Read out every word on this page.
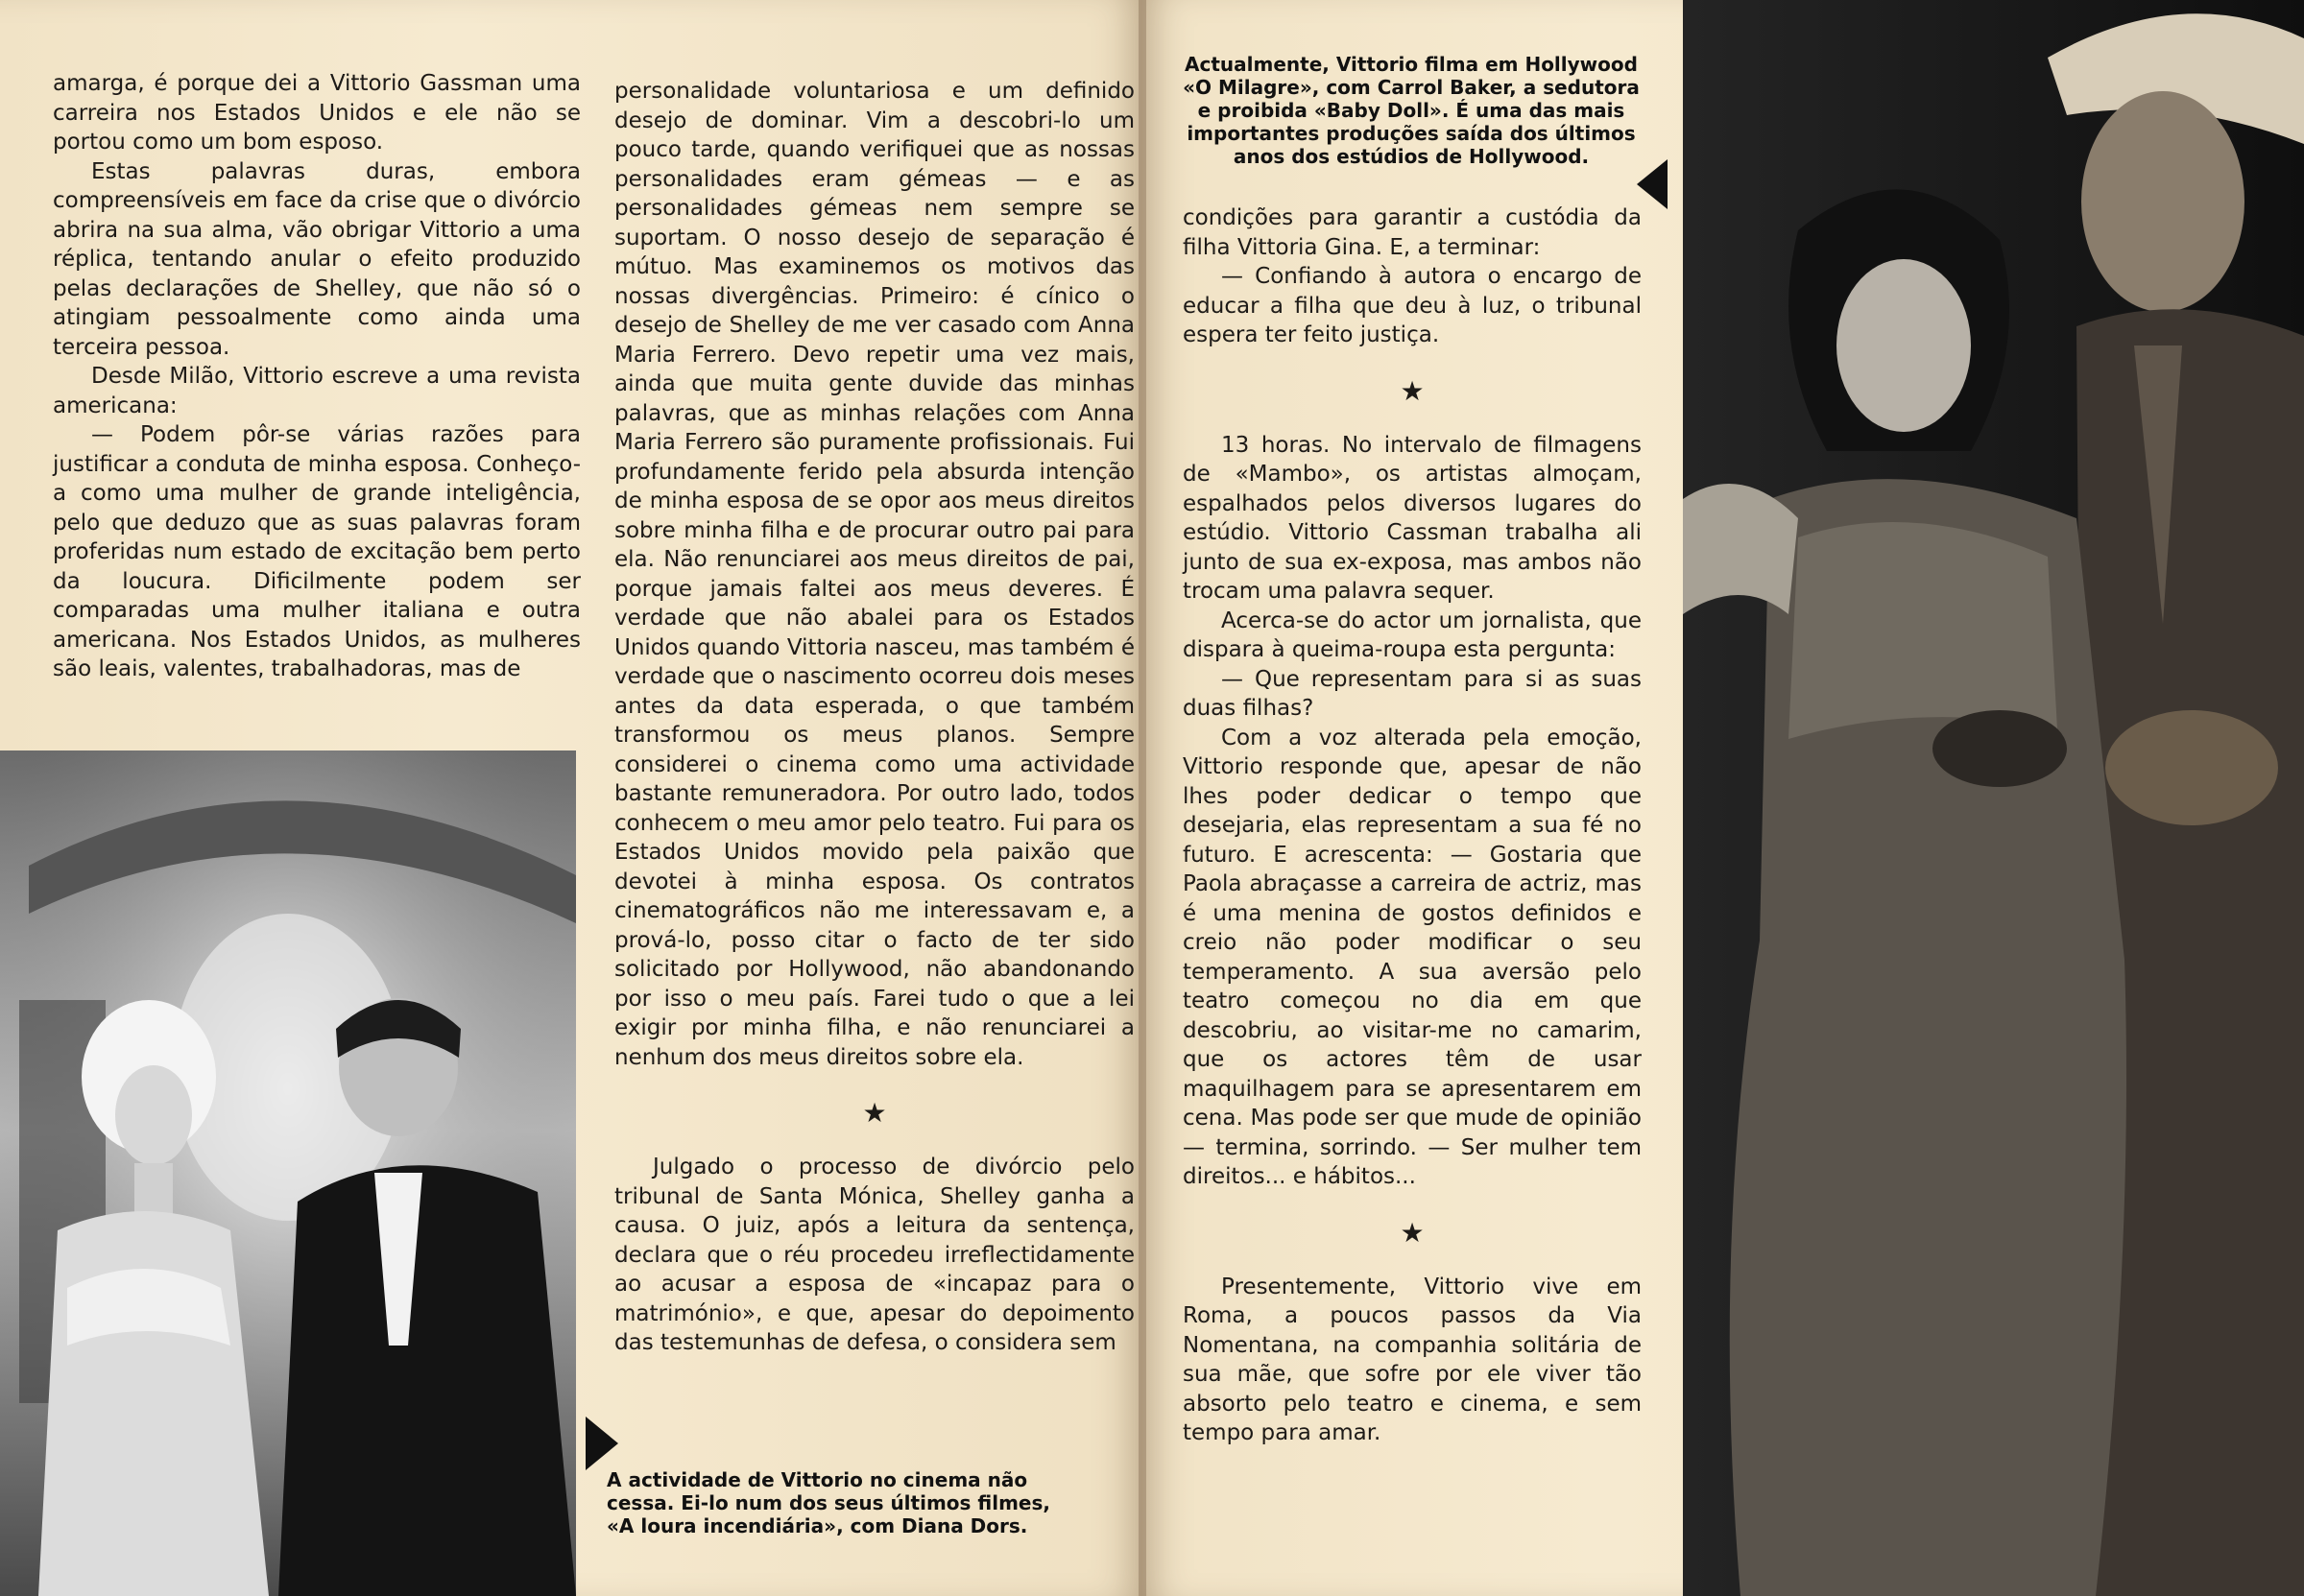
amarga, é porque dei a Vittorio Gassman uma carreira nos Estados Unidos e ele não se portou como um bom esposo.

Estas palavras duras, embora compreensíveis em face da crise que o divórcio abrira na sua alma, vão obrigar Vittorio a uma réplica, tentando anular o efeito produzido pelas declarações de Shelley, que não só o atingiam pessoalmente como ainda uma terceira pessoa.

Desde Milão, Vittorio escreve a uma revista americana:

— Podem pôr-se várias razões para justificar a conduta de minha esposa. Conheço-a como uma mulher de grande inteligência, pelo que deduzo que as suas palavras foram proferidas num estado de excitação bem perto da loucura. Dificilmente podem ser comparadas uma mulher italiana e outra americana. Nos Estados Unidos, as mulheres são leais, valentes, trabalhadoras, mas de

personalidade voluntariosa e um definido desejo de dominar. Vim a descobri-lo um pouco tarde, quando verifiquei que as nossas personalidades eram gémeas — e as personalidades gémeas nem sempre se suportam. O nosso desejo de separação é mútuo. Mas examinemos os motivos das nossas divergências. Primeiro: é cínico o desejo de Shelley de me ver casado com Anna Maria Ferrero. Devo repetir uma vez mais, ainda que muita gente duvide das minhas palavras, que as minhas relações com Anna Maria Ferrero são puramente profissionais. Fui profundamente ferido pela absurda intenção de minha esposa de se opor aos meus direitos sobre minha filha e de procurar outro pai para ela. Não renunciarei aos meus direitos de pai, porque jamais faltei aos meus deveres. É verdade que não abalei para os Estados Unidos quando Vittoria nasceu, mas também é verdade que o nascimento ocorreu dois meses antes da data esperada, o que também transformou os meus planos. Sempre considerei o cinema como uma actividade bastante remuneradora. Por outro lado, todos conhecem o meu amor pelo teatro. Fui para os Estados Unidos movido pela paixão que devotei à minha esposa. Os contratos cinematográficos não me interessavam e, a prová-lo, posso citar o facto de ter sido solicitado por Hollywood, não abandonando por isso o meu país. Farei tudo o que a lei exigir por minha filha, e não renunciarei a nenhum dos meus direitos sobre ela.

★

Julgado o processo de divórcio pelo tribunal de Santa Mónica, Shelley ganha a causa. O juiz, após a leitura da sentença, declara que o réu procedeu irreflectidamente ao acusar a esposa de «incapaz para o matrimónio», e que, apesar do depoimento das testemunhas de defesa, o considera sem

A actividade de Vittorio no cinema não cessa. Ei-lo num dos seus últimos filmes, «A loura incendiária», com Diana Dors.
Actualmente, Vittorio filma em Hollywood «O Milagre», com Carrol Baker, a sedutora e proibida «Baby Doll». É uma das mais importantes produções saída dos últimos anos dos estúdios de Hollywood.

condições para garantir a custódia da filha Vittoria Gina. E, a terminar:

— Confiando à autora o encargo de educar a filha que deu à luz, o tribunal espera ter feito justiça.

★

13 horas. No intervalo de filmagens de «Mambo», os artistas almoçam, espalhados pelos diversos lugares do estúdio. Vittorio Cassman trabalha ali junto de sua ex-exposa, mas ambos não trocam uma palavra sequer.

Acerca-se do actor um jornalista, que dispara à queima-roupa esta pergunta:

— Que representam para si as suas duas filhas?

Com a voz alterada pela emoção, Vittorio responde que, apesar de não lhes poder dedicar o tempo que desejaria, elas representam a sua fé no futuro. E acrescenta: — Gostaria que Paola abraçasse a carreira de actriz, mas é uma menina de gostos definidos e creio não poder modificar o seu temperamento. A sua aversão pelo teatro começou no dia em que descobriu, ao visitar-me no camarim, que os actores têm de usar maquilhagem para se apresentarem em cena. Mas pode ser que mude de opinião — termina, sorrindo. — Ser mulher tem direitos... e hábitos...

★

Presentemente, Vittorio vive em Roma, a poucos passos da Via Nomentana, na companhia solitária de sua mãe, que sofre por ele viver tão absorto pelo teatro e cinema, e sem tempo para amar.
